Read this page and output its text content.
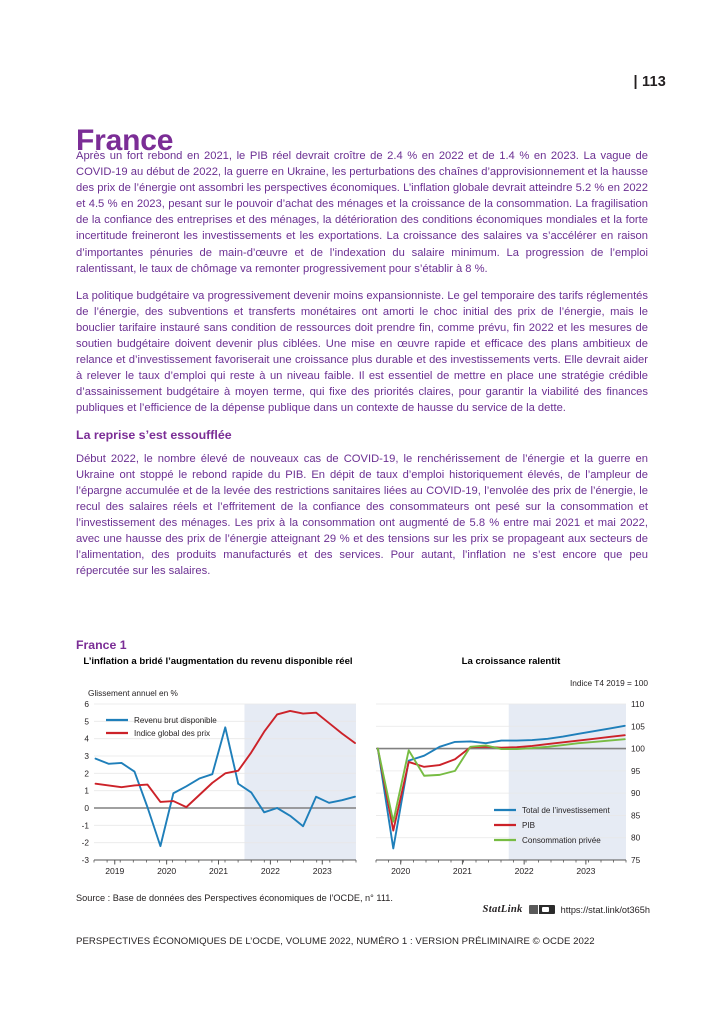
| 113
France

Après un fort rebond en 2021, le PIB réel devrait croître de 2.4 % en 2022 et de 1.4 % en 2023. La vague de COVID-19 au début de 2022, la guerre en Ukraine, les perturbations des chaînes d’approvisionnement et la hausse des prix de l’énergie ont assombri les perspectives économiques. L’inflation globale devrait atteindre 5.2 % en 2022 et 4.5 % en 2023, pesant sur le pouvoir d’achat des ménages et la croissance de la consommation. La fragilisation de la confiance des entreprises et des ménages, la détérioration des conditions économiques mondiales et la forte incertitude freineront les investissements et les exportations. La croissance des salaires va s’accélérer en raison d’importantes pénuries de main-d’œuvre et de l’indexation du salaire minimum. La progression de l’emploi ralentissant, le taux de chômage va remonter progressivement pour s’établir à 8 %.

La politique budgétaire va progressivement devenir moins expansionniste. Le gel temporaire des tarifs réglementés de l’énergie, des subventions et transferts monétaires ont amorti le choc initial des prix de l’énergie, mais le bouclier tarifaire instauré sans condition de ressources doit prendre fin, comme prévu, fin 2022 et les mesures de soutien budgétaire doivent devenir plus ciblées. Une mise en œuvre rapide et efficace des plans ambitieux de relance et d’investissement favoriserait une croissance plus durable et des investissements verts. Elle devrait aider à relever le taux d’emploi qui reste à un niveau faible. Il est essentiel de mettre en place une stratégie crédible d’assainissement budgétaire à moyen terme, qui fixe des priorités claires, pour garantir la viabilité des finances publiques et l’efficience de la dépense publique dans un contexte de hausse du service de la dette.

La reprise s’est essoufflée

Début 2022, le nombre élevé de nouveaux cas de COVID-19, le renchérissement de l’énergie et la guerre en Ukraine ont stoppé le rebond rapide du PIB. En dépit de taux d’emploi historiquement élevés, de l’ampleur de l’épargne accumulée et de la levée des restrictions sanitaires liées au COVID-19, l’envolée des prix de l’énergie, le recul des salaires réels et l’effritement de la confiance des consommateurs ont pesé sur la consommation et l’investissement des ménages. Les prix à la consommation ont augmenté de 5.8 % entre mai 2021 et mai 2022, avec une hausse des prix de l’énergie atteignant 29 % et des tensions sur les prix se propageant aux secteurs de l’alimentation, des produits manufacturés et des services. Pour autant, l’inflation ne s’est encore que peu répercutée sur les salaires.

France 1
L’inflation a bridé l’augmentation du revenu disponible réel
Glissement annuel en %
-3
-2
-1
0
1
2
3
4
5
6
2019	2020	2021	2022	2023
Revenu brut disponible
Indice global des prix
La croissance ralentit
Indice T4 2019 = 100
75
80
85
90
95
100
105
110
2020	2021	2022	2023
Total de l’investissement
PIB
Consommation privée
Source : Base de données des Perspectives économiques de l’OCDE, n° 111.
StatLink	https://stat.link/ot365h
PERSPECTIVES ÉCONOMIQUES DE L’OCDE, VOLUME 2022, NUMÉRO 1 : VERSION PRÉLIMINAIRE © OCDE 2022
